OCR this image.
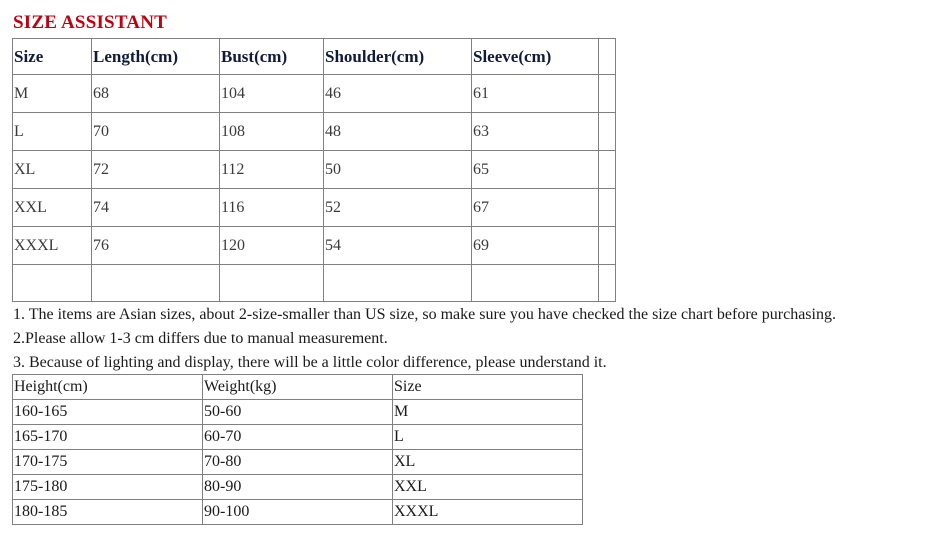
SIZE ASSISTANT
Size	Length(cm)	Bust(cm)	Shoulder(cm)	Sleeve(cm)	
M	68	104	46	61	
L	70	108	48	63	
XL	72	112	50	65	
XXL	74	116	52	67	
XXXL	76	120	54	69	

1. The items are Asian sizes, about 2-size-smaller than US size, so make sure you have checked the size chart before purchasing.

2.Please allow 1-3 cm differs due to manual measurement.

3. Because of lighting and display, there will be a little color difference, please understand it.

Height(cm)	Weight(kg)	Size
160-165	50-60	M
165-170	60-70	L
170-175	70-80	XL
175-180	80-90	XXL
180-185	90-100	XXXL
